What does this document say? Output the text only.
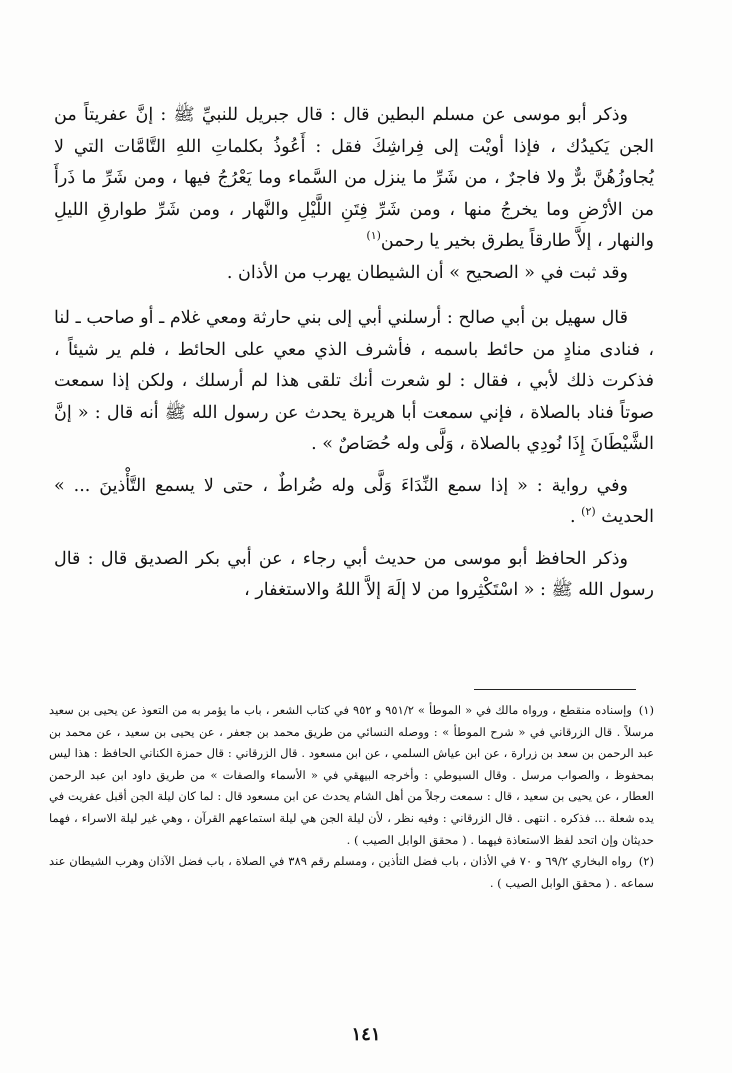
وذكر أبو موسى عن مسلم البطين قال : قال جبريل للنبيِّ ﷺ : إنَّ عفريتاً من الجن يَكيدُك ، فإذا أويْت إلى فِراشِكَ فقل : أَعُوذُ بكلماتِ اللهِ التَّامَّات التي لا يُجاوزُهُنَّ برٌّ ولا فاجرٌ ، من شَرِّ ما ينزل من السَّماء وما يَعْرُجُ فيها ، ومن شَرِّ ما ذَرأَ من الأرْضِ وما يخرجُ منها ، ومن شَرِّ فِتَنِ اللَّيْلِ والنَّهار ، ومن شَرِّ طوارقِ الليلِ والنهار ، إلاَّ طارقاً يطرق بخير يا رحمن$^{(١)}$

وقد ثبت في « الصحيح » أن الشيطان يهرب من الأذان .

قال سهيل بن أبي صالح : أرسلني أبي إلى بني حارثة ومعي غلام ـ أو صاحب ـ لنا ، فنادى منادٍ من حائط باسمه ، فأشرف الذي معي على الحائط ، فلم ير شيئاً ، فذكرت ذلك لأبي ، فقال : لو شعرت أنك تلقى هذا لم أرسلك ، ولكن إذا سمعت صوتاً فناد بالصلاة ، فإني سمعت أبا هريرة يحدث عن رسول الله ﷺ أنه قال : « إنَّ الشَّيْطَانَ إِذَا نُودِي بالصلاة ، وَلَّى وله حُصَاصٌ » .

وفي رواية : « إذا سمع النِّدَاءَ وَلَّى وله ضُراطٌ ، حتى لا يسمع التَّأْذينَ ... » الحديث $^{(٢)}$ .

وذكر الحافظ أبو موسى من حديث أبي رجاء ، عن أبي بكر الصديق قال : قال رسول الله ﷺ : « اسْتَكْثِروا من لا إلَهَ إلاَّ اللهُ والاستغفار ،

(١)وإسناده منقطع ، ورواه مالك في « الموطأ » ٩٥١/٢ و ٩٥٢ في كتاب الشعر ، باب ما يؤمر به من التعوذ عن يحيى بن سعيد مرسلاً . قال الزرقاني في « شرح الموطأ » : ووصله النسائي من طريق محمد بن جعفر ، عن يحيى بن سعيد ، عن محمد بن عبد الرحمن بن سعد بن زرارة ، عن ابن عياش السلمي ، عن ابن مسعود . قال الزرقاني : قال حمزة الكناني الحافظ : هذا ليس بمحفوظ ، والصواب مرسل . وقال السيوطي : وأخرجه البيهقي في « الأسماء والصفات » من طريق داود ابن عبد الرحمن العطار ، عن يحيى بن سعيد ، قال : سمعت رجلاً من أهل الشام يحدث عن ابن مسعود قال : لما كان ليلة الجن أقبل عفريت في يده شعلة ... فذكره . انتهى . قال الزرقاني : وفيه نظر ، لأن ليلة الجن هي ليلة استماعهم القرآن ، وهي غير ليلة الاسراء ، فهما حديثان وإن اتحد لفظ الاستعاذة فيهما . ( محقق الوابل الصيب ) .

(٢)رواه البخاري ٦٩/٢ و ٧٠ في الأذان ، باب فضل التأذين ، ومسلم رقم ٣٨٩ في الصلاة ، باب فضل الآذان وهرب الشيطان عند سماعه . ( محقق الوابل الصيب ) .

١٤١
